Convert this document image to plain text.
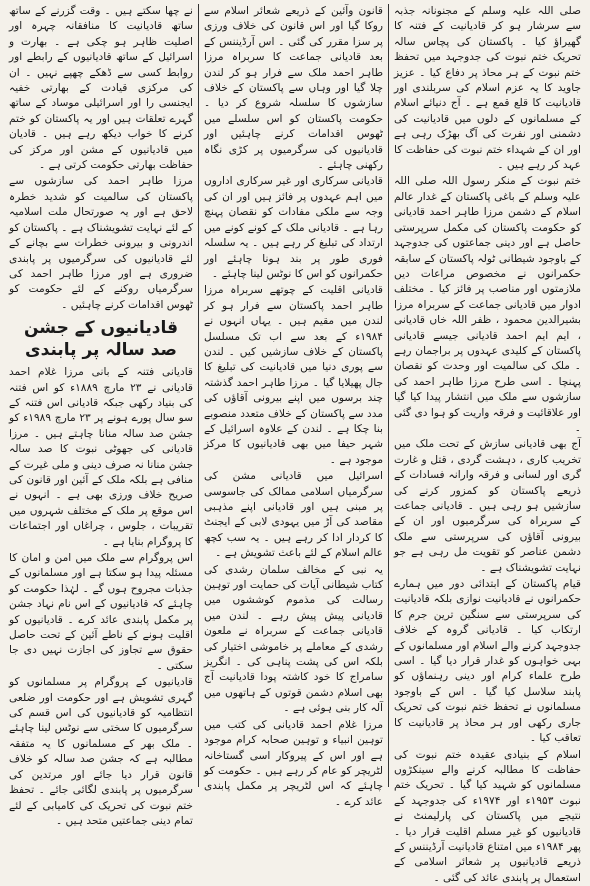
صلی اللہ علیہ وسلم کے مجنونانہ جذبہ سے سرشار ہو کر قادیانیت کے فتنہ کا گھیراؤ کیا ۔ پاکستان کی پچاس سالہ تحریک ختم نبوت کی جدوجہد میں تحفظ ختم نبوت کے ہر محاذ پر دفاع کیا ۔ عزیز جاوید کا یہ عزم اسلام کی سربلندی اور قادیانیت کا قلع قمع ہے ۔ آج دنیائے اسلام کے مسلمانوں کے دلوں میں قادیانیت کی دشمنی اور نفرت کی آگ بھڑک رہی ہے اور ان کے شہداء ختم نبوت کی حفاظت کا عہد کر رہے ہیں ۔

ختم نبوت کے منکر رسول اللہ صلی اللہ علیہ وسلم کے باغی پاکستان کے غدار عالم اسلام کے دشمن مرزا طاہر احمد قادیانی کو حکومت پاکستان کی مکمل سرپرستی حاصل ہے اور دینی جماعتوں کی جدوجہد کے باوجود شیطانی ٹولہ پاکستان کے سابقہ حکمرانوں نے مخصوص مراعات دیں ملازمتوں اور مناصب پر فائز کیا ۔ مختلف ادوار میں قادیانی جماعت کے سربراہ مرزا بشیرالدین محمود ، ظفر اللہ خاں قادیانی ، ایم ایم احمد قادیانی جیسے قادیانی پاکستان کے کلیدی عہدوں پر براجمان رہے ۔ ملک کی سالمیت اور وحدت کو نقصان پہنچا ۔ اسی طرح مرزا طاہر احمد کی سازشوں سے ملک میں انتشار پیدا کیا گیا اور علاقائیت و فرقہ واریت کو ہوا دی گئی ۔

آج بھی قادیانی سازش کے تحت ملک میں تخریب کاری ، دہشت گردی ، قتل و غارت گری اور لسانی و فرقہ وارانہ فسادات کے ذریعے پاکستان کو کمزور کرنے کی سازشیں ہو رہی ہیں ۔ قادیانی جماعت کے سربراہ کی سرگرمیوں اور ان کے بیرونی آقاؤں کی سرپرستی سے ملک دشمن عناصر کو تقویت مل رہی ہے جو نہایت تشویشناک ہے ۔

قیام پاکستان کے ابتدائی دور میں ہمارے حکمرانوں نے قادیانیت نوازی بلکہ قادیانیت کی سرپرستی سے سنگین ترین جرم کا ارتکاب کیا ۔ قادیانی گروہ کے خلاف جدوجہد کرنے والے اسلام اور مسلمانوں کے بہی خواہوں کو غدار قرار دیا گیا ۔ اسی طرح علماء کرام اور دینی رہنماؤں کو پابند سلاسل کیا گیا ۔ اس کے باوجود مسلمانوں نے تحفظ ختم نبوت کی تحریک جاری رکھی اور ہر محاذ پر قادیانیت کا تعاقب کیا ۔

اسلام کے بنیادی عقیدہ ختم نبوت کی حفاظت کا مطالبہ کرنے والے سینکڑوں مسلمانوں کو شہید کیا گیا ۔ تحریک ختم نبوت ۱۹۵۳ء اور ۱۹۷۴ء کی جدوجہد کے نتیجے میں پاکستان کی پارلیمنٹ نے قادیانیوں کو غیر مسلم اقلیت قرار دیا ۔ پھر ۱۹۸۴ء میں امتناع قادیانیت آرڈیننس کے ذریعے قادیانیوں پر شعائر اسلامی کے استعمال پر پابندی عائد کی گئی ۔

قانون وآئین کے ذریعے شعائر اسلام سے روکا گیا اور اس قانون کی خلاف ورزی پر سزا مقرر کی گئی ۔ اس آرڈیننس کے بعد قادیانی جماعت کا سربراہ مرزا طاہر احمد ملک سے فرار ہو کر لندن چلا گیا اور وہاں سے پاکستان کے خلاف سازشوں کا سلسلہ شروع کر دیا ۔ حکومت پاکستان کو اس سلسلے میں ٹھوس اقدامات کرنے چاہئیں اور قادیانیوں کی سرگرمیوں پر کڑی نگاہ رکھنی چاہئے ۔

قادیانی سرکاری اور غیر سرکاری اداروں میں اہم عہدوں پر فائز ہیں اور ان کی وجہ سے ملکی مفادات کو نقصان پہنچ رہا ہے ۔ قادیانی ملک کے کونے کونے میں ارتداد کی تبلیغ کر رہے ہیں ۔ یہ سلسلہ فوری طور پر بند ہونا چاہئے اور حکمرانوں کو اس کا نوٹس لینا چاہئے ۔

قادیانی اقلیت کے چوتھے سربراہ مرزا طاہر احمد پاکستان سے فرار ہو کر لندن میں مقیم ہیں ۔ یہاں انہوں نے ۱۹۸۴ء کے بعد سے اب تک مسلسل پاکستان کے خلاف سازشیں کیں ۔ لندن سے پوری دنیا میں قادیانیت کی تبلیغ کا جال پھیلایا گیا ۔ مرزا طاہر احمد گذشتہ چند برسوں میں اپنے بیرونی آقاؤں کی مدد سے پاکستان کے خلاف متعدد منصوبے بنا چکا ہے ۔ لندن کے علاوہ اسرائیل کے شہر حیفا میں بھی قادیانیوں کا مرکز موجود ہے ۔

اسرائیل میں قادیانی مشن کی سرگرمیاں اسلامی ممالک کی جاسوسی پر مبنی ہیں اور قادیانی اپنے مذہبی مقاصد کی آڑ میں یہودی لابی کے ایجنٹ کا کردار ادا کر رہے ہیں ۔ یہ سب کچھ عالم اسلام کے لئے باعث تشویش ہے ۔

یہ نبی کے مخالف سلمان رشدی کی کتاب شیطانی آیات کی حمایت اور توہین رسالت کی مذموم کوششوں میں قادیانی پیش پیش رہے ۔ لندن میں قادیانی جماعت کے سربراہ نے ملعون رشدی کے معاملے پر خاموشی اختیار کی بلکہ اس کی پشت پناہی کی ۔ انگریز سامراج کا خود کاشتہ پودا قادیانیت آج بھی اسلام دشمن قوتوں کے ہاتھوں میں آلہ کار بنی ہوئی ہے ۔

مرزا غلام احمد قادیانی کی کتب میں توہین انبیاء و توہین صحابہ کرام موجود ہے اور اس کے پیروکار اسی گستاخانہ لٹریچر کو عام کر رہے ہیں ۔ حکومت کو چاہئے کہ اس لٹریچر پر مکمل پابندی عائد کرے ۔

نے چھا سکتے ہیں ۔ وقت گزرنے کے ساتھ ساتھ قادیانیت کا منافقانہ چہرہ اور اصلیت ظاہر ہو چکی ہے ۔ بھارت و اسرائیل کے ساتھ قادیانیوں کے رابطے اور روابط کسی سے ڈھکے چھپے نہیں ۔ ان کی مرکزی قیادت کے بھارتی خفیہ ایجنسی را اور اسرائیلی موساد کے ساتھ گہرے تعلقات ہیں اور یہ پاکستان کو ختم کرنے کا خواب دیکھ رہے ہیں ۔ قادیان میں قادیانیوں کے مشن اور مرکز کی حفاظت بھارتی حکومت کرتی ہے ۔

مرزا طاہر احمد کی سازشوں سے پاکستان کی سالمیت کو شدید خطرہ لاحق ہے اور یہ صورتحال ملت اسلامیہ کے لئے نہایت تشویشناک ہے ۔ پاکستان کو اندرونی و بیرونی خطرات سے بچانے کے لئے قادیانیوں کی سرگرمیوں پر پابندی ضروری ہے اور مرزا طاہر احمد کی سرگرمیاں روکنے کے لئے حکومت کو ٹھوس اقدامات کرنے چاہئیں ۔

قادیانیوں کے جشن صد سالہ پر پابندی

قادیانی فتنہ کے بانی مرزا غلام احمد قادیانی نے ۲۳ مارچ ۱۸۸۹ء کو اس فتنہ کی بنیاد رکھی جبکہ قادیانی اس فتنہ کے سو سال پورے ہونے پر ۲۳ مارچ ۱۹۸۹ء کو جشن صد سالہ منانا چاہتے ہیں ۔ مرزا قادیانی کی جھوٹی نبوت کا صد سالہ جشن منانا نہ صرف دینی و ملی غیرت کے منافی ہے بلکہ ملک کے آئین اور قانون کی صریح خلاف ورزی بھی ہے ۔ انہوں نے اس موقع پر ملک کے مختلف شہروں میں تقریبات ، جلوس ، چراغاں اور اجتماعات کا پروگرام بنایا ہے ۔

اس پروگرام سے ملک میں امن و امان کا مسئلہ پیدا ہو سکتا ہے اور مسلمانوں کے جذبات مجروح ہوں گے ۔ لہٰذا حکومت کو چاہئے کہ قادیانیوں کے اس نام نہاد جشن پر مکمل پابندی عائد کرے ۔ قادیانیوں کو اقلیت ہونے کے ناطے آئین کے تحت حاصل حقوق سے تجاوز کی اجازت نہیں دی جا سکتی ۔

قادیانیوں کے پروگرام پر مسلمانوں کو گہری تشویش ہے اور حکومت اور ضلعی انتظامیہ کو قادیانیوں کی اس قسم کی سرگرمیوں کا سختی سے نوٹس لینا چاہئے ۔ ملک بھر کے مسلمانوں کا یہ متفقہ مطالبہ ہے کہ جشن صد سالہ کو خلاف قانون قرار دیا جائے اور مرتدین کی سرگرمیوں پر پابندی لگائی جائے ۔ تحفظ ختم نبوت کی تحریک کی کامیابی کے لئے تمام دینی جماعتیں متحد ہیں ۔
